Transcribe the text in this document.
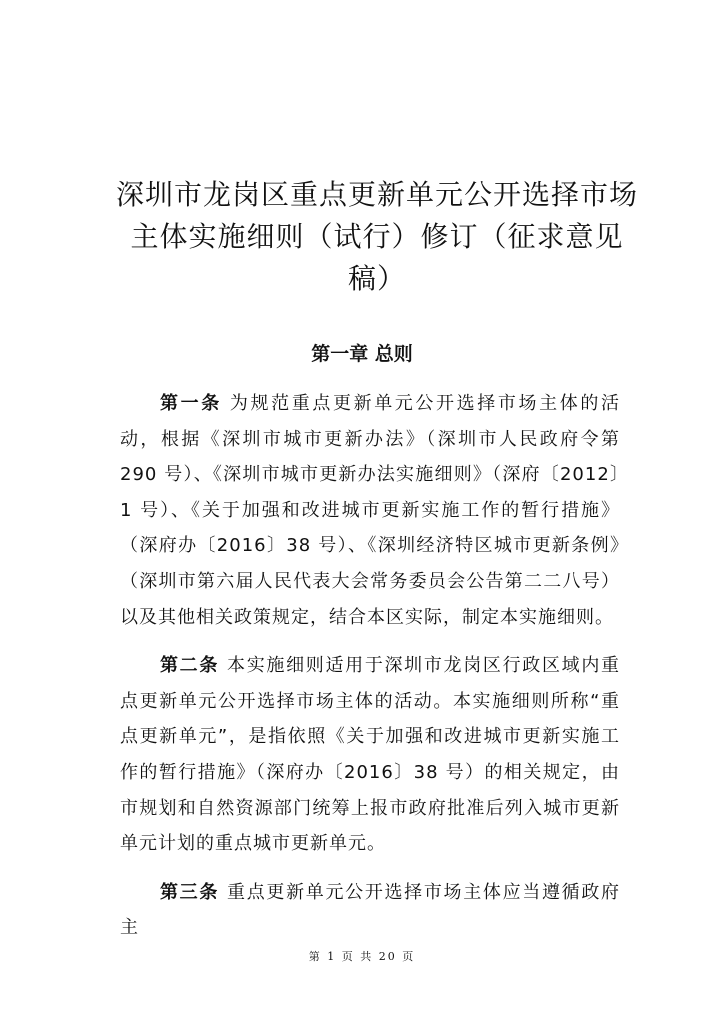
深圳市龙岗区重点更新单元公开选择市场主体实施细则（试行）修订（征求意见稿）
第一章 总则

第一条 为规范重点更新单元公开选择市场主体的活动，根据《深圳市城市更新办法》（深圳市人民政府令第 290 号）、《深圳市城市更新办法实施细则》（深府〔2012〕1 号）、《关于加强和改进城市更新实施工作的暂行措施》（深府办〔2016〕38 号）、《深圳经济特区城市更新条例》（深圳市第六届人民代表大会常务委员会公告第二二八号）以及其他相关政策规定，结合本区实际，制定本实施细则。

第二条 本实施细则适用于深圳市龙岗区行政区域内重点更新单元公开选择市场主体的活动。本实施细则所称“重点更新单元”，是指依照《关于加强和改进城市更新实施工作的暂行措施》（深府办〔2016〕38 号）的相关规定，由市规划和自然资源部门统筹上报市政府批准后列入城市更新单元计划的重点城市更新单元。

第三条 重点更新单元公开选择市场主体应当遵循政府主

第 1 页 共 20 页
